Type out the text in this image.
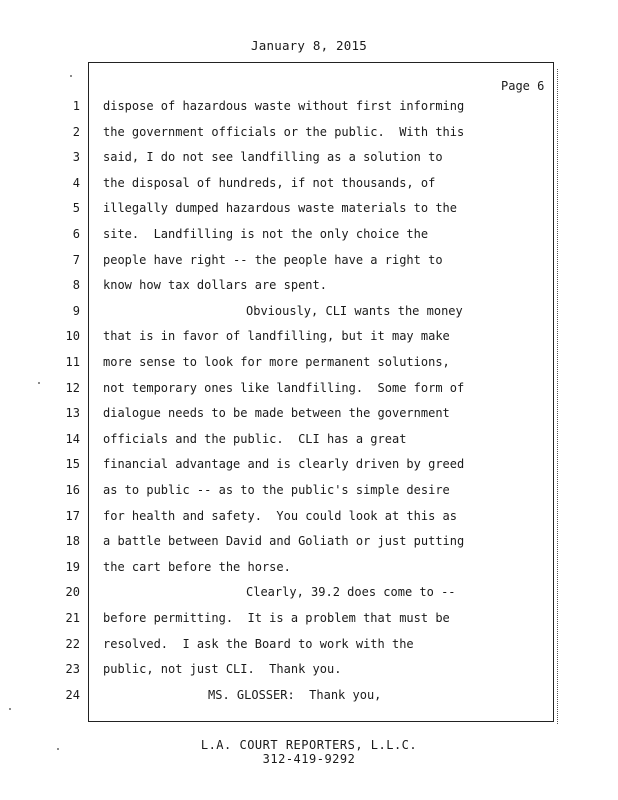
January 8, 2015
Page 6
1 dispose of hazardous waste without first informing
2 the government officials or the public.  With this
3 said, I do not see landfilling as a solution to
4 the disposal of hundreds, if not thousands, of
5 illegally dumped hazardous waste materials to the
6 site.  Landfilling is not the only choice the
7 people have right -- the people have a right to
8 know how tax dollars are spent.
9	Obviously, CLI wants the money
10 that is in favor of landfilling, but it may make
11 more sense to look for more permanent solutions,
12 not temporary ones like landfilling.  Some form of
13 dialogue needs to be made between the government
14 officials and the public.  CLI has a great
15 financial advantage and is clearly driven by greed
16 as to public -- as to the public's simple desire
17 for health and safety.  You could look at this as
18 a battle between David and Goliath or just putting
19 the cart before the horse.
20	Clearly, 39.2 does come to --
21 before permitting.  It is a problem that must be
22 resolved.  I ask the Board to work with the
23 public, not just CLI.  Thank you.
24	MS. GLOSSER:  Thank you,
L.A. COURT REPORTERS, L.L.C.
312-419-9292
